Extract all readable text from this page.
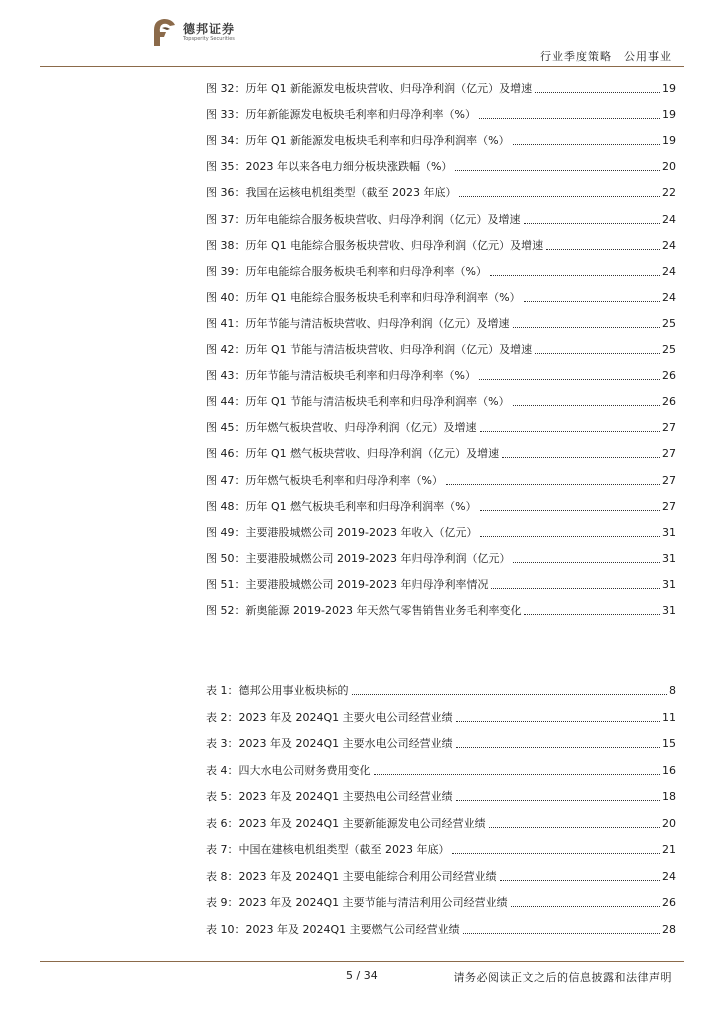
德邦证券
Topsperity Securities
行业季度策略　公用事业
图 32：历年 Q1 新能源发电板块营收、归母净利润（亿元）及增速	19
图 33：历年新能源发电板块毛利率和归母净利率（%）	19
图 34：历年 Q1 新能源发电板块毛利率和归母净利润率（%）	19
图 35：2023 年以来各电力细分板块涨跌幅（%）	20
图 36：我国在运核电机组类型（截至 2023 年底）	22
图 37：历年电能综合服务板块营收、归母净利润（亿元）及增速	24
图 38：历年 Q1 电能综合服务板块营收、归母净利润（亿元）及增速	24
图 39：历年电能综合服务板块毛利率和归母净利率（%）	24
图 40：历年 Q1 电能综合服务板块毛利率和归母净利润率（%）	24
图 41：历年节能与清洁板块营收、归母净利润（亿元）及增速	25
图 42：历年 Q1 节能与清洁板块营收、归母净利润（亿元）及增速	25
图 43：历年节能与清洁板块毛利率和归母净利率（%）	26
图 44：历年 Q1 节能与清洁板块毛利率和归母净利润率（%）	26
图 45：历年燃气板块营收、归母净利润（亿元）及增速	27
图 46：历年 Q1 燃气板块营收、归母净利润（亿元）及增速	27
图 47：历年燃气板块毛利率和归母净利率（%）	27
图 48：历年 Q1 燃气板块毛利率和归母净利润率（%）	27
图 49：主要港股城燃公司 2019-2023 年收入（亿元）	31
图 50：主要港股城燃公司 2019-2023 年归母净利润（亿元）	31
图 51：主要港股城燃公司 2019-2023 年归母净利率情况	31
图 52：新奥能源 2019-2023 年天然气零售销售业务毛利率变化	31
表 1：德邦公用事业板块标的	8
表 2：2023 年及 2024Q1 主要火电公司经营业绩	11
表 3：2023 年及 2024Q1 主要水电公司经营业绩	15
表 4：四大水电公司财务费用变化	16
表 5：2023 年及 2024Q1 主要热电公司经营业绩	18
表 6：2023 年及 2024Q1 主要新能源发电公司经营业绩	20
表 7：中国在建核电机组类型（截至 2023 年底）	21
表 8：2023 年及 2024Q1 主要电能综合利用公司经营业绩	24
表 9：2023 年及 2024Q1 主要节能与清洁利用公司经营业绩	26
表 10：2023 年及 2024Q1 主要燃气公司经营业绩	28
5 / 34	请务必阅读正文之后的信息披露和法律声明
